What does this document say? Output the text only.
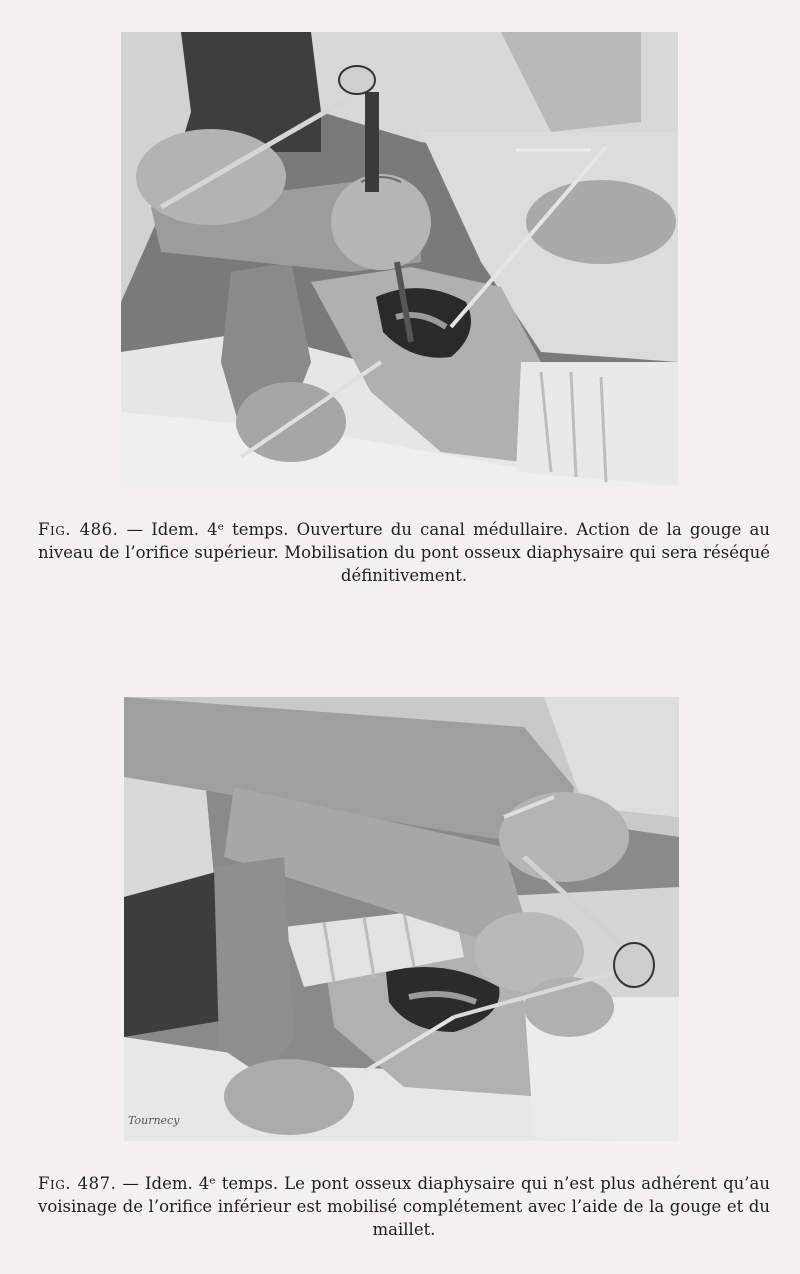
Fig. 486. — Idem. 4ᵉ temps. Ouverture du canal médullaire. Action de la gouge au niveau de l’orifice supérieur. Mobilisation du pont osseux diaphysaire qui sera réséqué définitivement.
Tournecy
Fig. 487. — Idem. 4ᵉ temps. Le pont osseux diaphysaire qui n’est plus adhérent qu’au voisinage de l’orifice inférieur est mobilisé complétement avec l’aide de la gouge et du maillet.
